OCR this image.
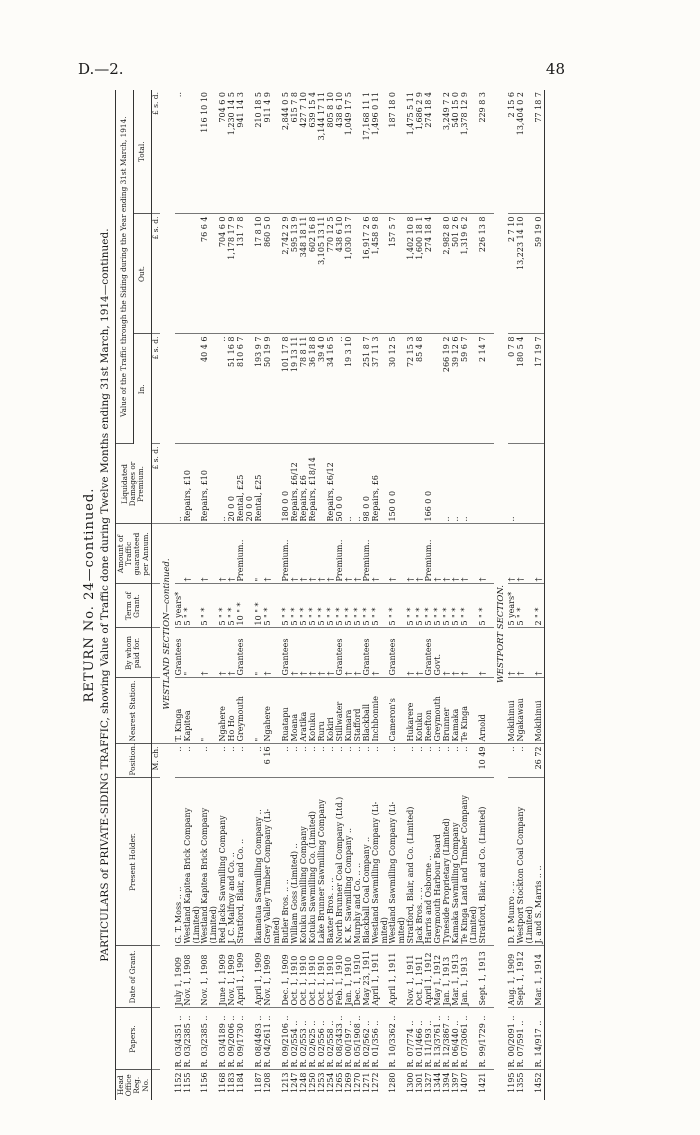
D.—2.	48
RETURN No. 24—continued. PARTICULARS of PRIVATE-SIDING TRAFFIC, showing Value of Traffic done during Twelve Months ending 31st March, 1914—continued.
Head Office Reg. No.	Papers.	Date of Grant.	Present Holder.	Position.	Nearest Station.	By whom paid for.	Term of Grant.	Amount of Traffic guaranteed per Annum.	Liquidated Damages or Premium.	Value of the Traffic through the Siding during the Year ending 31st March, 1914.		
										In.	Out.	Total.
				M. ch.					£ s. d.	£ s. d.	£ s. d.	£ s. d.
					WESTLAND SECTION—continued.							
1152	R. 03/4351 ..	July 1, 1909	G. T. Moss .. ..	..	T. Kinga	Grantees	5 years*		..			..
1155	R. 03/2385 ..	Nov. 1, 1908	Westland Kapitea Brick Company	..	Kapitea	"	5 " *	†	Repairs, £10			
			(Limited)									
1156	R. 03/2385 ..	Nov. 1, 1908	Westland Kapitea Brick Company	..	"	†	5 " *	†	Repairs, £10	40 4 6	76 6 4	116 10 10
			(Limited)									
1168	R. 03/4189 ..	June 1, 1909	Red Jacks Sawmilling Company	..	Ngahere	†	5 " *	†	..	..	704 6 0	704 6 0
1183	R. 09/2006 ..	Nov. 1, 1909	J. C. Malfroy and Co. ..	..	Ho Ho	†	5 " *	†	20 0 0	51 16 8	1,178 17 9	1,230 14 5
1184	R. 09/1730 ..	April 1, 1909	Stratford, Blair, and Co. ..	..	Greymouth	Grantees	10 " *	Premium..	Rental, £25	810 6 7	131 7 8	941 14 3
									20 0 0			
1187	R. 08/4493 ..	April 1, 1909	Ikamatua Sawmilling Company ..	..	"	"	10 " *	"	Rental, £25	193 9 7	17 8 10	210 18 5
1208	R. 04/2611 ..	Nov. 1, 1909	Grey Valley Timber Company (Li-	6 16	Ngahere	†	5 " *	†		50 19 9	860 5 0	911 4 9
			mited)									
1213	R. 09/2106 ..	Dec. 1, 1909	Butler Bros. .. ..	..	Ruatapu	Grantees	5 " *	Premium..	180 0 0	101 17 8	2,742 2 9	2,844 0 5
1247	R. 02/554 ..	Oct. 1, 1910	William Goss (Limited) ..	..	Moana	†	5 " *	†	Repairs, £6/12	19 13 11	595 13 9	615 7 8
1248	R. 02/553 ..	Oct. 1, 1910	Kotuku Sawmilling Company	..	Aratika	†	5 " *	†	Repairs, £6	78 8 11	348 18 11	427 7 10
1250	R. 02/625 ..	Oct. 1, 1910	Kotuku Sawmilling Co. (Limited)	..	Kotuku	†	5 " *	†	Repairs, £18/14	36 18 8	602 16 8	639 15 4
1253	R. 02/556 ..	Oct. 1, 1910	Lake Brunner Sawmilling Company	..	Ruru	†	5 " *	†		39 4 0	3,105 13 11	3,144 17 11
1254	R. 02/558 ..	Oct. 1, 1910	Baxter Bros. .. ..	..	Kokiri	†	5 " *	†	Repairs, £6/12	34 16 5	770 12 5	805 8 10
1265	R. 08/3433 ..	Feb. 1, 1910	North Brunner Coal Company (Ltd.)	..	Stillwater	Grantees	5 " *	Premium..	50 0 0	..	438 6 10	438 6 10
1269	R. 00/197 ..	Jan. 1, 1910	K. K. Sawmilling Company ..	..	Kumara	†	5 " *	†	..	19 3 10	1,030 13 7	1,049 17 5
1270	R. 05/1908 ..	Dec. 1, 1910	Murphy and Co. .. ..	..	Stafford	†	5 " *	†	..			
1271	R. 02/562 ..	May 23, 1911	Blackball Coal Company ..	..	Blackball	Grantees	5 " *	Premium..	98 0 0	251 8 7	16,917 2 6	17,168 11 1
1272	R. 01/356 ..	April 1, 1911	Westland Sawmilling Company (Li-	..	Inchbonnie	†	5 " *	†	Repairs, £6	37 11 3	1,458 9 8	1,496 0 11
			mited)									
1280	R. 10/3362 ..	April 1, 1911	Westland Sawmilling Company (Li-	..	Cameron's	Grantees	5 " *	†	150 0 0	30 12 5	157 5 7	187 18 0
			mited)									
1300	R. 07/774 ..	Nov. 1, 1911	Stratford, Blair, and Co. (Limited)	..	Hukarere	†	5 " *	†		72 15 3	1,402 10 8	1,475 5 11
1301	R. 01/466 ..	Oct. 1, 1911	Jack Bros. .. ..	..	Kotuku	†	5 " *	†		85 4 8	1,600 18 1	1,686 2 9
1327	R. 11/193 ..	April 1, 1912	Harris and Osborne ..	..	Reefton	Grantees	5 " *	Premium..	166 0 0		274 18 4	274 18 4
1344	R. 13/3761 ..	May 1, 1912	Greymouth Harbour Board	..	Greymouth	Govt.	5 " *	†				
1394	R. 12/3867 ..	Jan. 1, 1913	Tyneside Proprietary (Limited)	..	Brunner	†	5 " *	†	..	266 19 2	2,982 8 0	3,249 7 2
1397	R. 06/440 ..	Mar. 1, 1913	Kamaka Sawmilling Company	..	Kamaka	†	5 " *	†	..	39 12 6	501 2 6	540 15 0
1407	R. 07/3061 ..	Jan. 1, 1913	Te Kinga Land and Timber Company	..	Te Kinga	†	5 " *	†	..	59 6 7	1,319 6 2	1,378 12 9
			(Limited)									
1421	R. 99/1729 ..	Sept. 1, 1913	Stratford, Blair, and Co. (Limited)	10 49	Arnold	†	5 " *	†		2 14 7	226 13 8	229 8 3

					WESTPORT SECTION.							
1195	R. 00/2091 ..	Aug. 1, 1909	D. P. Munro .. ..	..	Mokihinui	†	5 years*	†	..	0 7 8	2 7 10	2 15 6
1355	R. 07/591 ..	Sept. 1, 1912	Westport Stockton Coal Company	..	Ngakawau	†	5 " *	†		180 5 4	13,223 14 10	13,404 0 2
			(Limited)									
1452	R. 14/917 ..	Mar. 1, 1914	J. and S. Marris .. ..	26 72	Mokihinui	†	2 " *	†		17 19 7	59 19 0	77 18 7
